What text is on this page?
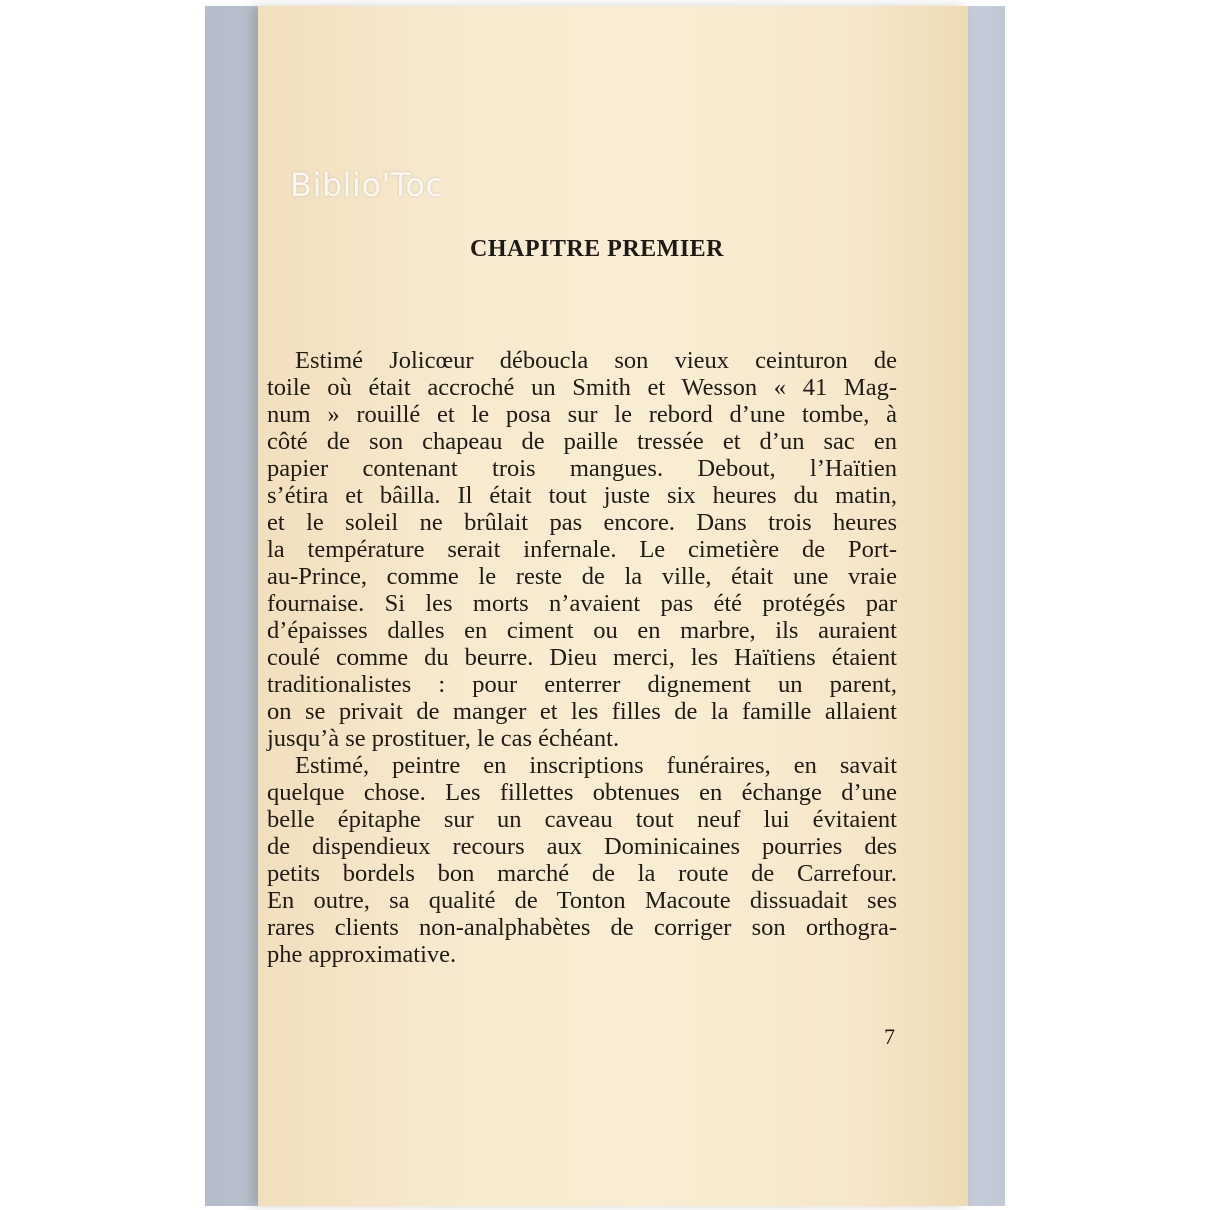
Biblio'Toc
CHAPITRE PREMIER
Estimé Jolicœur déboucla son vieux ceinturon de
toile où était accroché un Smith et Wesson « 41 Mag-
num » rouillé et le posa sur le rebord d’une tombe, à
côté de son chapeau de paille tressée et d’un sac en
papier contenant trois mangues. Debout, l’Haïtien
s’étira et bâilla. Il était tout juste six heures du matin,
et le soleil ne brûlait pas encore. Dans trois heures
la température serait infernale. Le cimetière de Port-
au-Prince, comme le reste de la ville, était une vraie
fournaise. Si les morts n’avaient pas été protégés par
d’épaisses dalles en ciment ou en marbre, ils auraient
coulé comme du beurre. Dieu merci, les Haïtiens étaient
traditionalistes : pour enterrer dignement un parent,
on se privait de manger et les filles de la famille allaient
jusqu’à se prostituer, le cas échéant.
Estimé, peintre en inscriptions funéraires, en savait
quelque chose. Les fillettes obtenues en échange d’une
belle épitaphe sur un caveau tout neuf lui évitaient
de dispendieux recours aux Dominicaines pourries des
petits bordels bon marché de la route de Carrefour.
En outre, sa qualité de Tonton Macoute dissuadait ses
rares clients non-analphabètes de corriger son orthogra-
phe approximative.
7
